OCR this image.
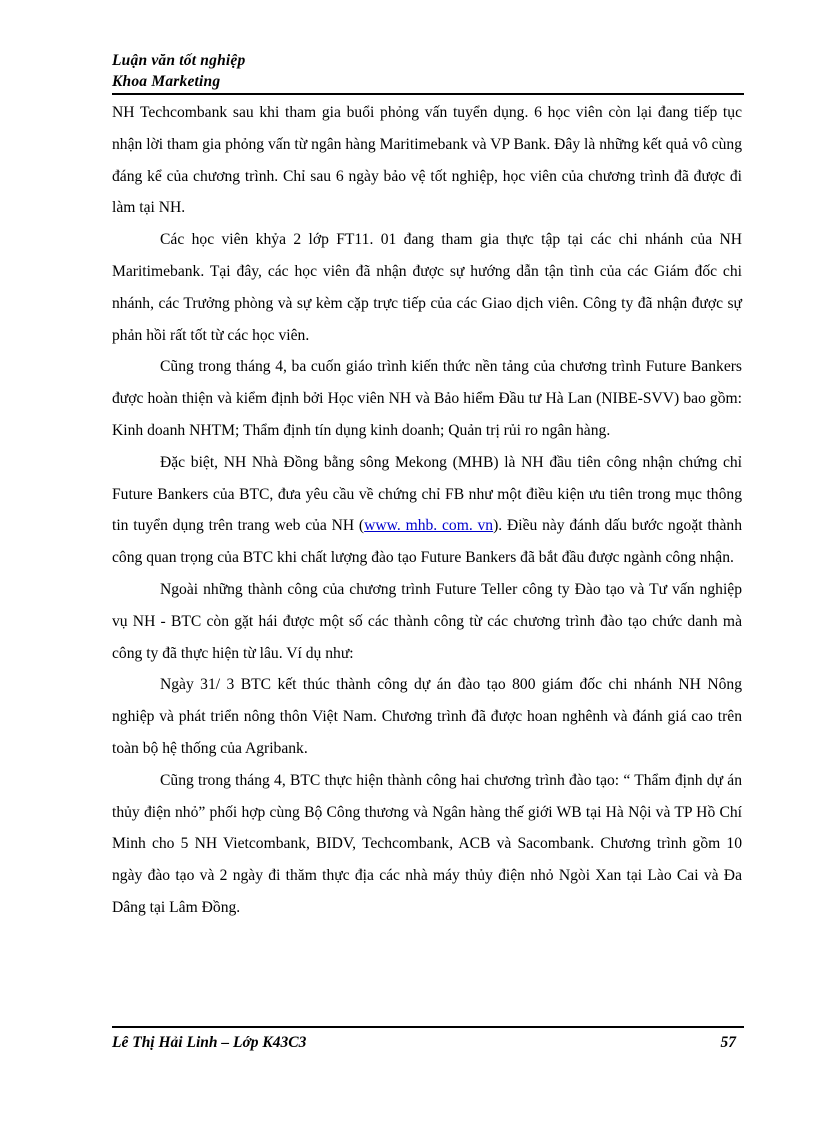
Luận văn tốt nghiệp

Khoa Marketing

NH Techcombank sau khi tham gia buổi phỏng vấn tuyển dụng. 6 học viên còn lại đang tiếp tục nhận lời tham gia phỏng vấn từ ngân hàng Maritimebank và VP Bank. Đây là những kết quả vô cùng đáng kể của chương trình. Chỉ sau 6 ngày bảo vệ tốt nghiệp, học viên của chương trình đã được đi làm tại NH.

Các học viên khỷa 2 lớp FT11. 01 đang tham gia thực tập tại các chi nhánh của NH Maritimebank. Tại đây, các học viên đã nhận được sự hướng dẫn tận tình của các Giám đốc chi nhánh, các Trưởng phòng và sự kèm cặp trực tiếp của các Giao dịch viên. Công ty đã nhận được sự phản hồi rất tốt từ các học viên.

Cũng trong tháng 4, ba cuốn giáo trình kiến thức nền tảng của chương trình Future Bankers được hoàn thiện và kiểm định bởi Học viên NH và Bảo hiểm Đầu tư Hà Lan (NIBE-SVV) bao gồm: Kinh doanh NHTM; Thẩm định tín dụng kinh doanh; Quản trị rủi ro ngân hàng.

Đặc biệt, NH Nhà Đồng bằng sông Mekong (MHB) là NH đầu tiên công nhận chứng chỉ Future Bankers của BTC, đưa yêu cầu về chứng chỉ FB như một điều kiện ưu tiên trong mục thông tin tuyển dụng trên trang web của NH (www. mhb. com. vn). Điều này đánh dấu bước ngoặt thành công quan trọng của BTC khi chất lượng đào tạo Future Bankers đã bắt đầu được ngành công nhận.

Ngoài những thành công của chương trình Future Teller công ty Đào tạo và Tư vấn nghiệp vụ NH - BTC còn gặt hái được một số các thành công từ các chương trình đào tạo chức danh mà công ty đã thực hiện từ lâu. Ví dụ như:

Ngày 31/ 3 BTC kết thúc thành công dự án đào tạo 800 giám đốc chi nhánh NH Nông nghiệp và phát triển nông thôn Việt Nam. Chương trình đã được hoan nghênh và đánh giá cao trên toàn bộ hệ thống của Agribank.

Cũng trong tháng 4, BTC thực hiện thành công hai chương trình đào tạo: “ Thẩm định dự án thủy điện nhỏ” phối hợp cùng Bộ Công thương và Ngân hàng thế giới WB tại Hà Nội và TP Hồ Chí Minh cho 5 NH Vietcombank, BIDV, Techcombank, ACB và Sacombank. Chương trình gồm 10 ngày đào tạo và 2 ngày đi thăm thực địa các nhà máy thủy điện nhỏ Ngòi Xan tại Lào Cai và Đa Dâng tại Lâm Đồng.

Lê Thị Hải Linh – Lớp K43C3	57
